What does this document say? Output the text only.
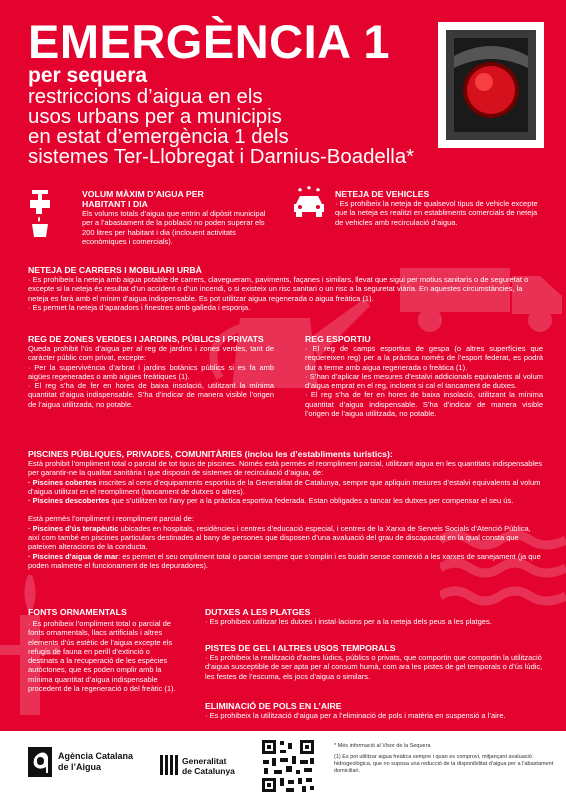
EMERGÈNCIA 1
per sequera
restriccions d’aigua en els
usos urbans per a municipis
en estat d’emergència 1 dels
sistemes Ter-Llobregat i Darnius-Boadella*
VOLUM MÀXIM D’AIGUA PER
HABITANT I DIA
Els volums totals d’aigua que entrin al dipòsit municipal per a l’abastament de la població no poden superar els 200 litres per habitant i dia (inclouent activitats econòmiques i comercials).
NETEJA DE VEHICLES
· Es prohibeix la neteja de qualsevol tipus de vehicle excepte que la neteja es realitzi en establiments comercials de neteja de vehicles amb recirculació d’aigua.
NETEJA DE CARRERS I MOBILIARI URBÀ

· Es prohibeix la neteja amb aigua potable de carrers, clavegueram, paviments, façanes i similars, llevat que sigui per motius sanitaris o de seguretat o excepte si la neteja és resultat d’un accident o d’un incendi, o si existeix un risc sanitari o un risc a la seguretat viària. En aquestes circumstàncies, la neteja es farà amb el mínim d’aigua indispensable. Es pot utilitzar aigua regenerada o aigua freàtica (1).

· Es permet la neteja d’aparadors i finestres amb galleda i esponja.

REG DE ZONES VERDES I JARDINS, PÚBLICS I PRIVATS

Queda prohibit l’ús d’aigua per al reg de jardins i zones verdes, tant de caràcter públic com privat, excepte:

· Per la supervivència d’arbrat i jardins botànics públics si es fa amb aigües regenerades o amb aigües freàtiques (1).

· El reg s’ha de fer en hores de baixa insolació, utilitzant la mínima quantitat d’aigua indispensable. S’ha d’indicar de manera visible l’origen de l’aigua utilitzada, no potable.

REG ESPORTIU

· El reg de camps esportius de gespa (o altres superfícies que requereixen reg) per a la pràctica només de l’esport federat, es podrà dur a terme amb aigua regenerada o freàtica (1).

· S’han d’aplicar les mesures d’estalvi addicionals equivalents al volum d’aigua emprat en el reg, incloent si cal el tancament de dutxes.

· El reg s’ha de fer en hores de baixa insolació, utilitzant la mínima quantitat d’aigua indispensable. S’ha d’indicar de manera visible l’origen de l’aigua utilitzada, no potable.

PISCINES PÚBLIQUES, PRIVADES, COMUNITÀRIES (inclou les d’establiments turístics):

Està prohibit l’ompliment total o parcial de tot tipus de piscines. Només està permès el reompliment parcial, utilitzant aigua en les quantitats indispensables per garantir-ne la qualitat sanitària i que disposin de sistemes de recirculació d’aigua, de:

· Piscines cobertes inscrites al cens d’equipaments esportius de la Generalitat de Catalunya, sempre que apliquin mesures d’estalvi equivalents al volum d’aigua utilitzat en el reompliment (tancament de dutxes o altres).

· Piscines descobertes que s’utilitzen tot l’any per a la pràctica esportiva federada. Estan obligades a tancar les dutxes per compensar el seu ús.

Està permès l’ompliment i reompliment parcial de:

· Piscines d’ús terapèutic ubicades en hospitals, residències i centres d’educació especial, i centres de la Xarxa de Serveis Socials d’Atenció Pública, així com també en piscines particulars destinades al bany de persones que disposen d’una avaluació del grau de discapacitat en la qual consta que pateixen alteracions de la conducta.

· Piscines d’aigua de mar: es permet el seu ompliment total o parcial sempre que s’omplin i es buidin sense connexió a les xarxes de sanejament (ja que poden malmetre el funcionament de les depuradores).

FONTS ORNAMENTALS
· Es prohibeix l’ompliment total o parcial de fonts ornamentals, llacs artificials i altres elements d’ús estètic de l’aigua excepte els refugis de fauna en perill d’extinció o destinats a la recuperació de les espècies autòctones, que es poden omplir amb la mínima quantitat d’aigua indispensable procedent de la regeneració o del freàtic (1).
DUTXES A LES PLATGES
· Es prohibeix utilitzar les dutxes i instal·lacions per a la neteja dels peus a les platges.
PISTES DE GEL I ALTRES USOS TEMPORALS
· Es prohibeix la realització d’actes lúdics, públics o privats, que comportin que comportin la utilització d’aigua susceptible de ser apta per al consum humà, com ara les pistes de gel temporals o d’ús lúdic, les festes de l’escuma, els jocs d’aigua o similars.
ELIMINACIÓ DE POLS EN L’AIRE
· Es prohibeix la utilització d’aigua per a l’eliminació de pols i matèria en suspensió a l’aire.
Agència Catalana
de l’Aigua
Generalitat
de Catalunya

* Més informació al Visor de la Sequera

(1) Es pot utilitzar aigua freàtica sempre i quan es comprovi, mitjançant avaluació hidrogeològica, que no suposa una reducció de la disponibilitat d’aigua per a l’abastament domiciliari.
